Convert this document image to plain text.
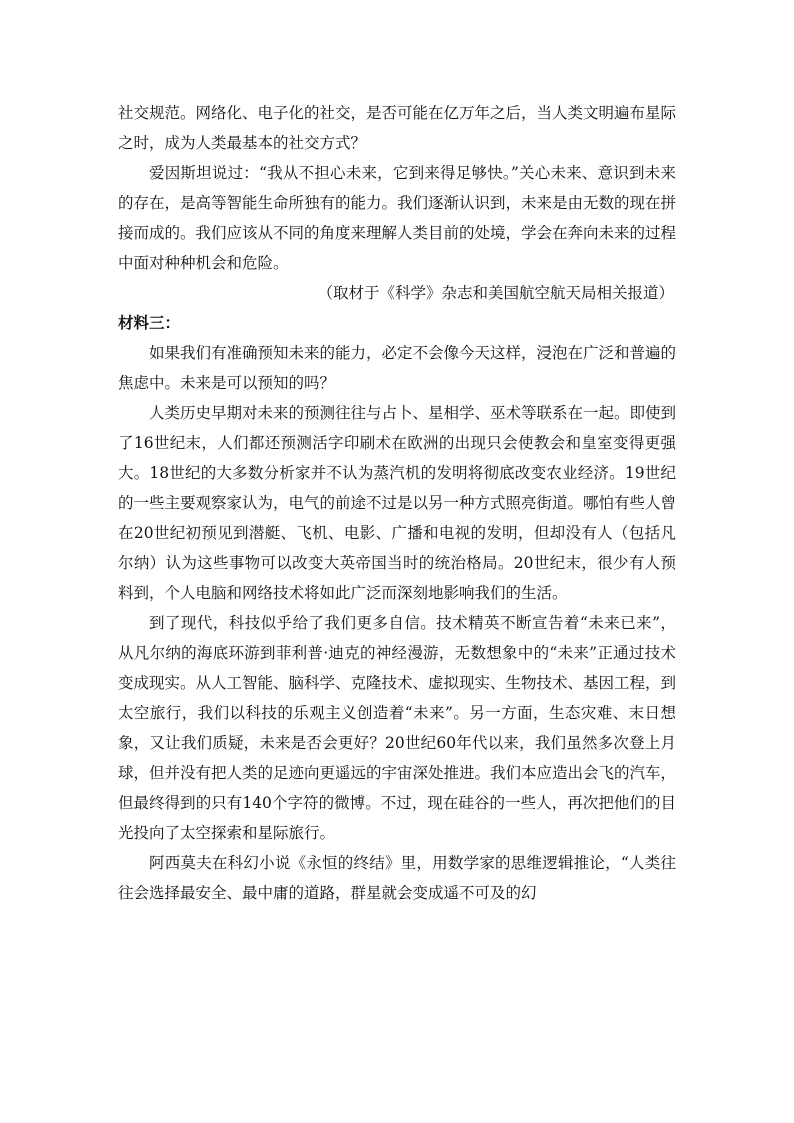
社交规范。网络化、电子化的社交，是否可能在亿万年之后，当人类文明遍布星际之时，成为人类最基本的社交方式？

爱因斯坦说过：“我从不担心未来，它到来得足够快。”关心未来、意识到未来的存在，是高等智能生命所独有的能力。我们逐渐认识到，未来是由无数的现在拼接而成的。我们应该从不同的角度来理解人类目前的处境，学会在奔向未来的过程中面对种种机会和危险。

（取材于《科学》杂志和美国航空航天局相关报道）

材料三：

如果我们有准确预知未来的能力，必定不会像今天这样，浸泡在广泛和普遍的焦虑中。未来是可以预知的吗？

人类历史早期对未来的预测往往与占卜、星相学、巫术等联系在一起。即使到了16世纪末，人们都还预测活字印刷术在欧洲的出现只会使教会和皇室变得更强大。18世纪的大多数分析家并不认为蒸汽机的发明将彻底改变农业经济。19世纪的一些主要观察家认为，电气的前途不过是以另一种方式照亮街道。哪怕有些人曾在20世纪初预见到潜艇、飞机、电影、广播和电视的发明，但却没有人（包括凡尔纳）认为这些事物可以改变大英帝国当时的统治格局。20世纪末，很少有人预料到，个人电脑和网络技术将如此广泛而深刻地影响我们的生活。

到了现代，科技似乎给了我们更多自信。技术精英不断宣告着“未来已来”，从凡尔纳的海底环游到菲利普·迪克的神经漫游，无数想象中的“未来”正通过技术变成现实。从人工智能、脑科学、克隆技术、虚拟现实、生物技术、基因工程，到太空旅行，我们以科技的乐观主义创造着“未来”。另一方面，生态灾难、末日想象，又让我们质疑，未来是否会更好？20世纪60年代以来，我们虽然多次登上月球，但并没有把人类的足迹向更遥远的宇宙深处推进。我们本应造出会飞的汽车，但最终得到的只有140个字符的微博。不过，现在硅谷的一些人，再次把他们的目光投向了太空探索和星际旅行。

阿西莫夫在科幻小说《永恒的终结》里，用数学家的思维逻辑推论，“人类往往会选择最安全、最中庸的道路，群星就会变成遥不可及的幻
